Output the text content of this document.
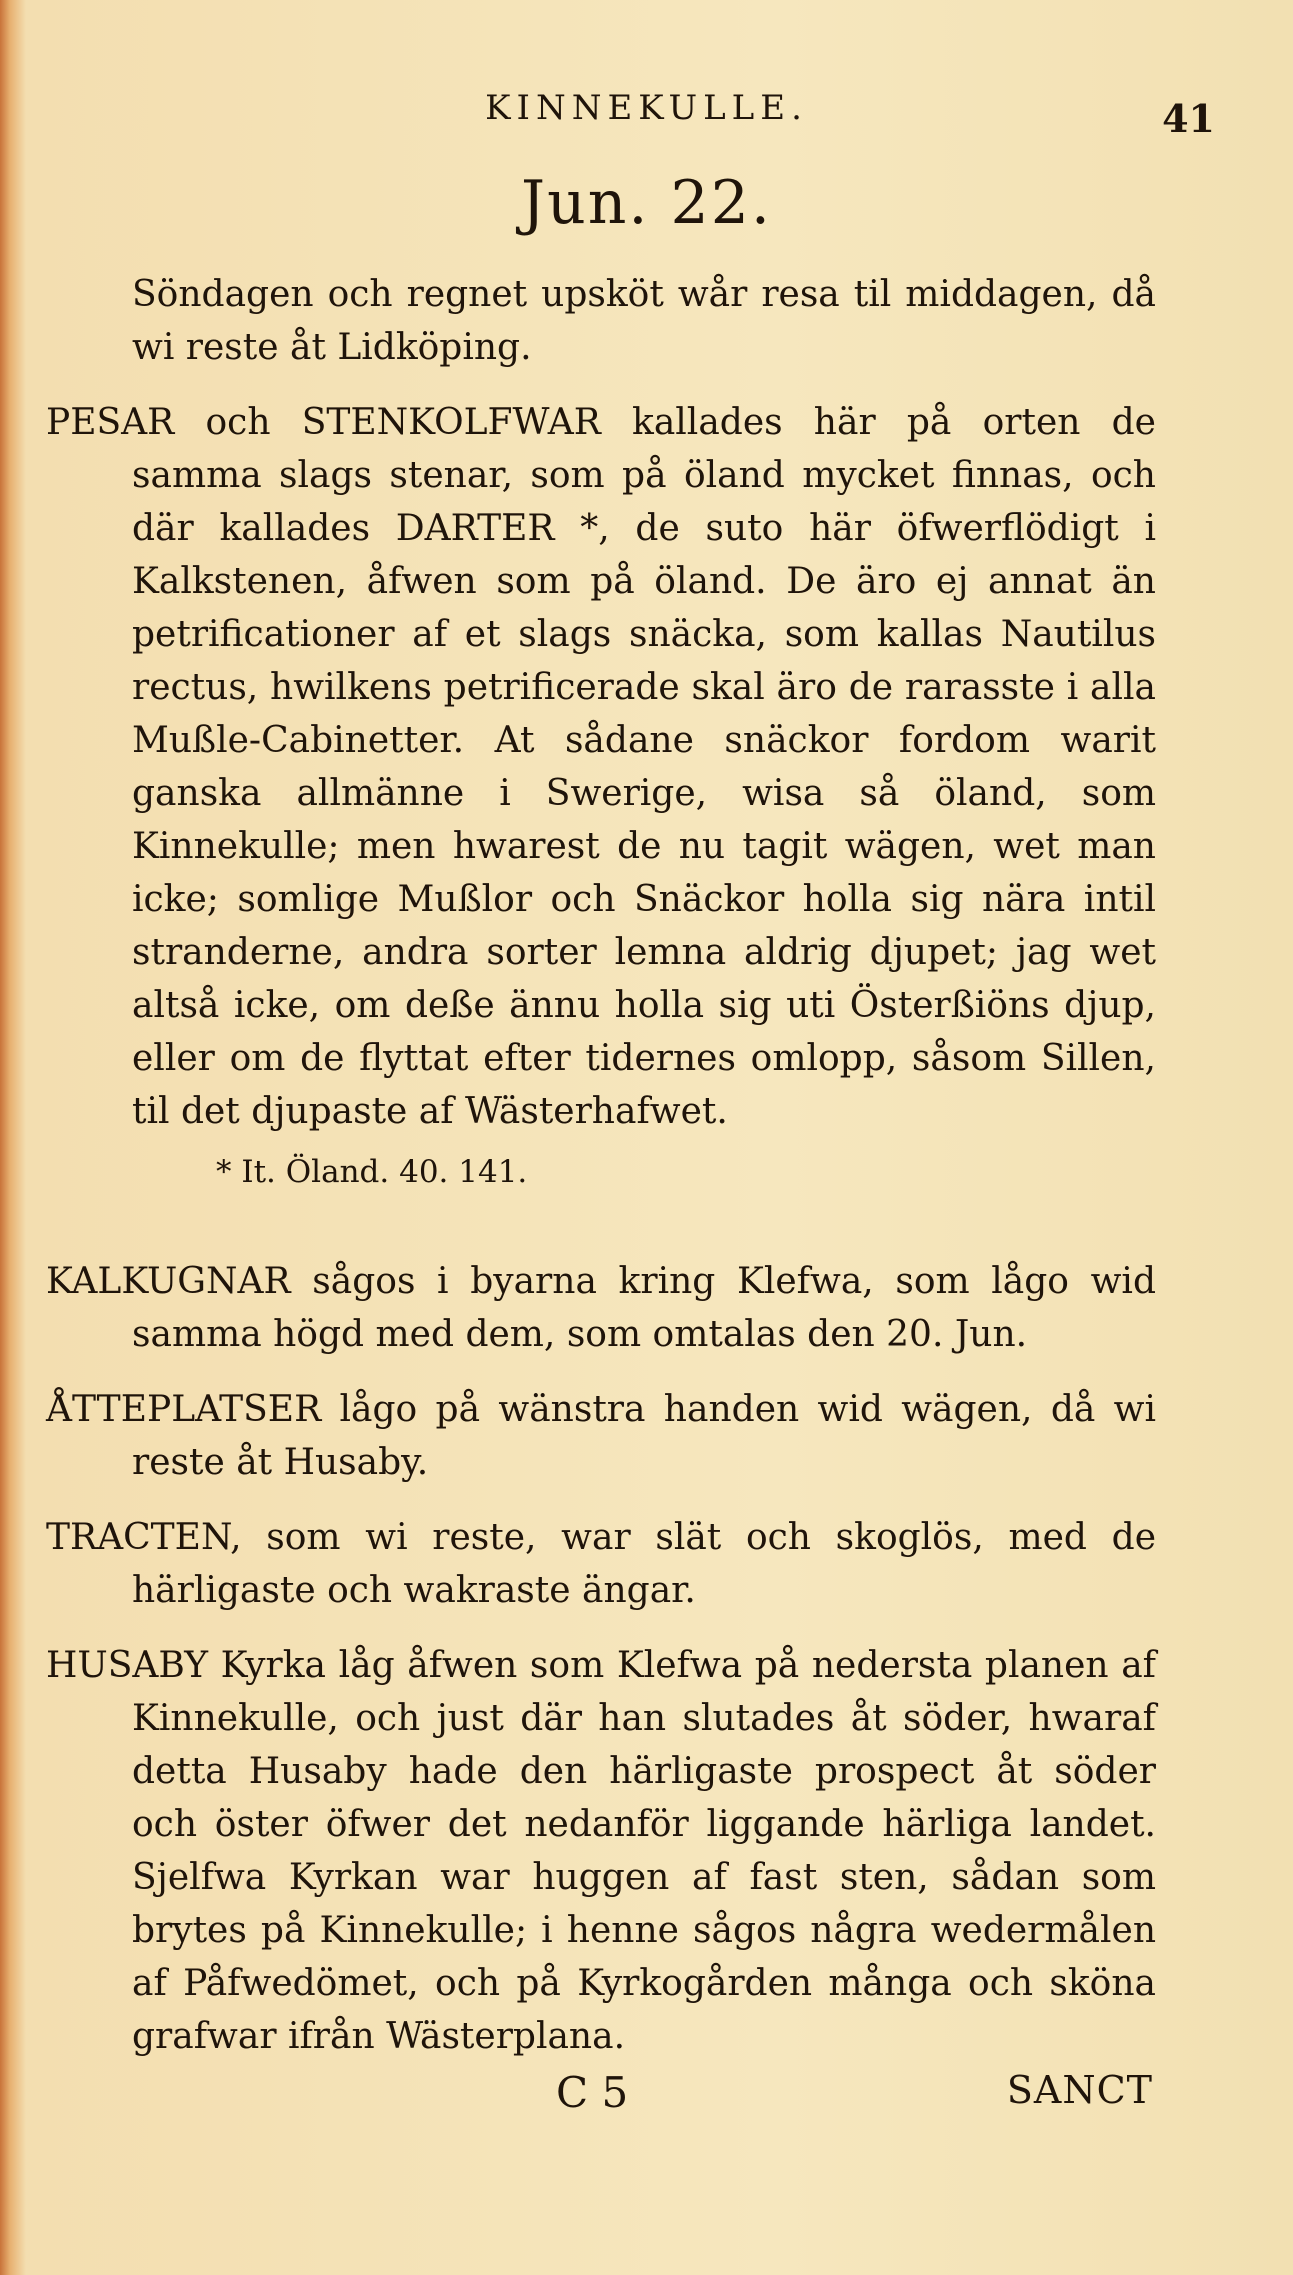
KINNEKULLE.	41
Jun. 22.

Söndagen och regnet upsköt wår resa til middagen, då wi reste åt Lidköping.

PESAR och STENKOLFWAR kallades här på orten de samma slags stenar, som på öland mycket finnas, och där kallades DARTER *, de suto här öfwerflödigt i Kalkstenen, åfwen som på öland. De äro ej annat än petrificationer af et slags snäcka, som kallas Nautilus rectus, hwilkens petrificerade skal äro de rarasste i alla Mußle-Cabinetter. At sådane snäckor fordom warit ganska allmänne i Swerige, wisa så öland, som Kinnekulle; men hwarest de nu tagit wägen, wet man icke; somlige Mußlor och Snäckor holla sig nära intil stranderne, andra sorter lemna aldrig djupet; jag wet altså icke, om deße ännu holla sig uti Österßiöns djup, eller om de flyttat efter tidernes omlopp, såsom Sillen, til det djupaste af Wästerhafwet.

* It. Öland. 40. 141.

KALKUGNAR sågos i byarna kring Klefwa, som lågo wid samma högd med dem, som omtalas den 20. Jun.

ÅTTEPLATSER lågo på wänstra handen wid wägen, då wi reste åt Husaby.

TRACTEN, som wi reste, war slät och skoglös, med de härligaste och wakraste ängar.

HUSABY Kyrka låg åfwen som Klefwa på nedersta planen af Kinnekulle, och just där han slutades åt söder, hwaraf detta Husaby hade den härligaste prospect åt söder och öster öfwer det nedanför liggande härliga landet. Sjelfwa Kyrkan war huggen af fast sten, sådan som brytes på Kinnekulle; i henne sågos några wedermålen af Påfwedömet, och på Kyrkogården många och sköna grafwar ifrån Wästerplana.

C 5	SANCT
